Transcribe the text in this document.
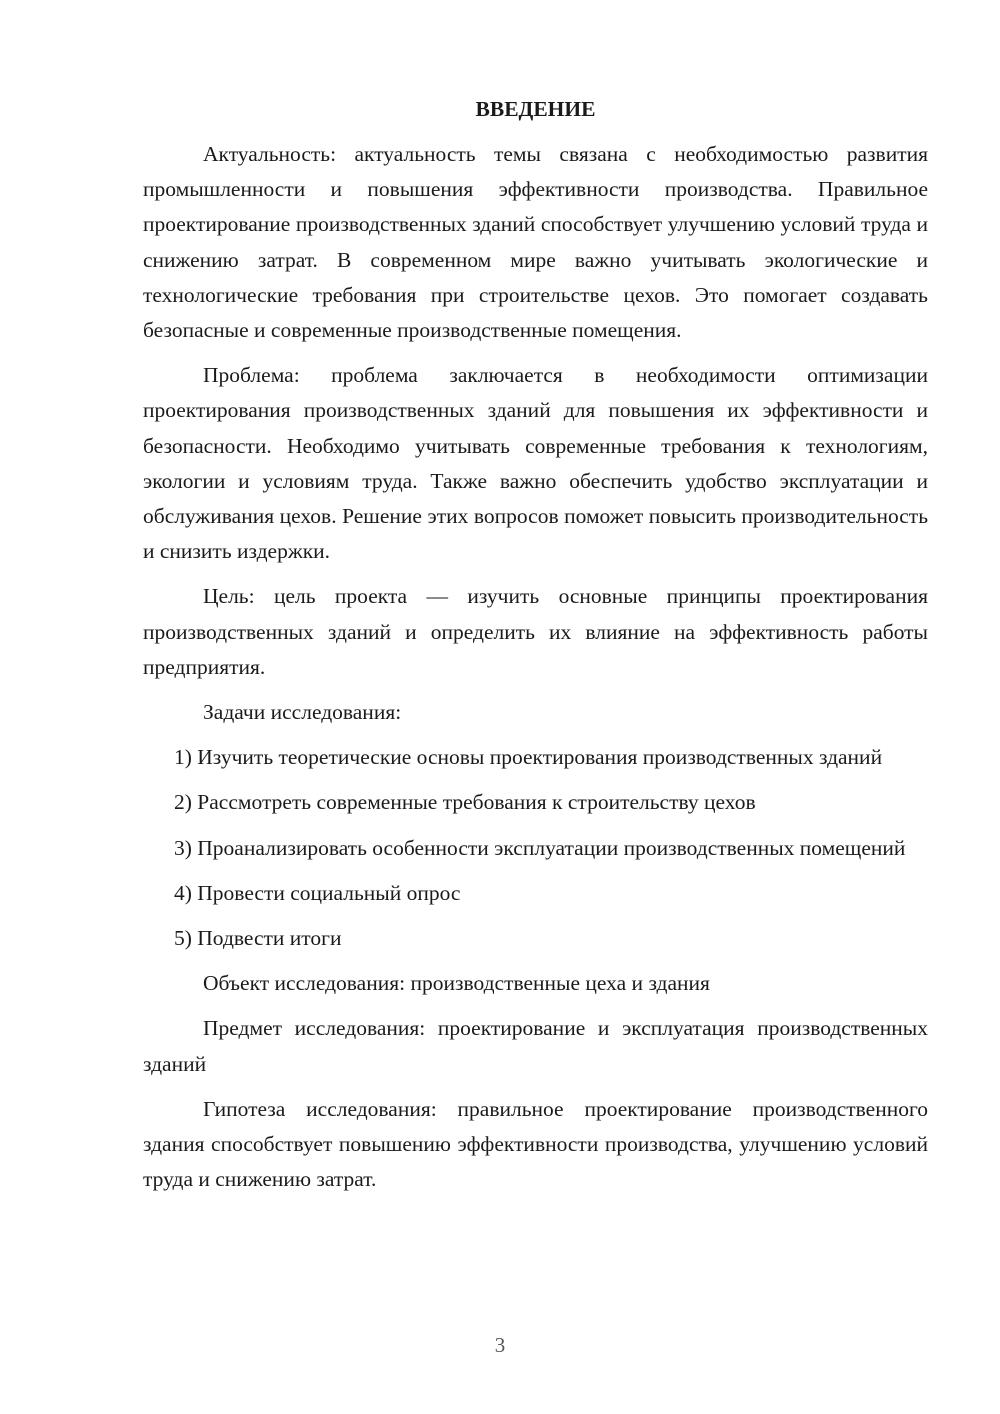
ВВЕДЕНИЕ

Актуальность: актуальность темы связана с необходимостью развития промышленности и повышения эффективности производства. Правильное проектирование производственных зданий способствует улучшению условий труда и снижению затрат. В современном мире важно учитывать экологические и технологические требования при строительстве цехов. Это помогает создавать безопасные и современные производственные помещения.

Проблема: проблема заключается в необходимости оптимизации проектирования производственных зданий для повышения их эффективности и безопасности. Необходимо учитывать современные требования к технологиям, экологии и условиям труда. Также важно обеспечить удобство эксплуатации и обслуживания цехов. Решение этих вопросов поможет повысить производительность и снизить издержки.

Цель: цель проекта — изучить основные принципы проектирования производственных зданий и определить их влияние на эффективность работы предприятия.

Задачи исследования:

1) Изучить теоретические основы проектирования производственных зданий

2) Рассмотреть современные требования к строительству цехов

3) Проанализировать особенности эксплуатации производственных помещений

4) Провести социальный опрос

5) Подвести итоги

Объект исследования: производственные цеха и здания

Предмет исследования: проектирование и эксплуатация производственных зданий

Гипотеза исследования: правильное проектирование производственного здания способствует повышению эффективности производства, улучшению условий труда и снижению затрат.

3
